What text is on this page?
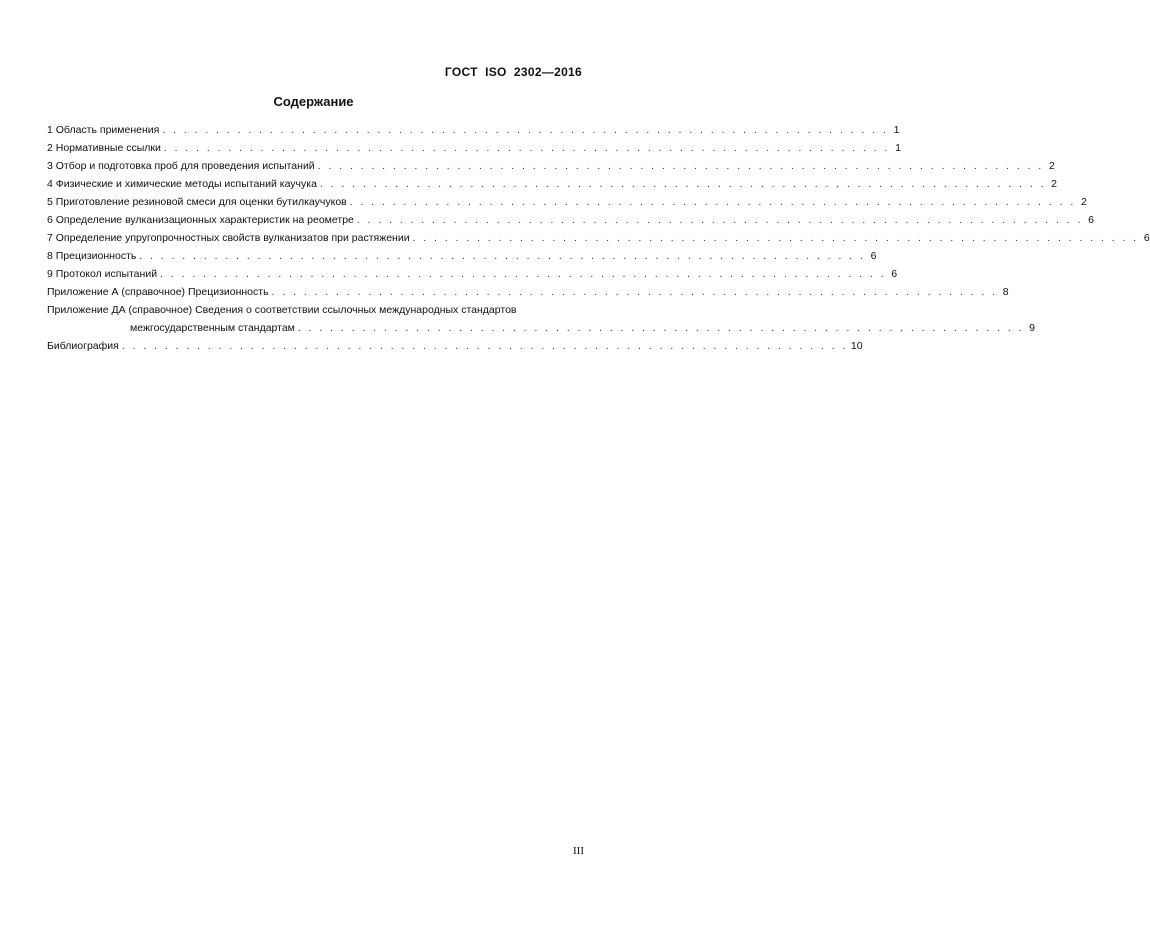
ГОСТ  ISO  2302—2016
Содержание
1 Область применения . . . . . . . . . . . . . . . . . . . . . . . . . . . . . . . . . . . . . . . . . . . . . . . . . . . . . . . . . . . . . . . . . . . . 1
2 Нормативные ссылки . . . . . . . . . . . . . . . . . . . . . . . . . . . . . . . . . . . . . . . . . . . . . . . . . . . . . . . . . . . . . . . . . . . . 1
3 Отбор и подготовка проб для проведения испытаний . . . . . . . . . . . . . . . . . . . . . . . . . . . . . . . . . . . . . . . . . . . . . . . . . . . . . . . . . . . . . . . . . . . . 2
4 Физические и химические методы испытаний каучука . . . . . . . . . . . . . . . . . . . . . . . . . . . . . . . . . . . . . . . . . . . . . . . . . . . . . . . . . . . . . . . . . . . . 2
5 Приготовление резиновой смеси для оценки бутилкаучуков . . . . . . . . . . . . . . . . . . . . . . . . . . . . . . . . . . . . . . . . . . . . . . . . . . . . . . . . . . . . . . . . . . . . 2
6 Определение вулканизационных характеристик на реометре . . . . . . . . . . . . . . . . . . . . . . . . . . . . . . . . . . . . . . . . . . . . . . . . . . . . . . . . . . . . . . . . . . . . 6
7 Определение упругопрочностных свойств вулканизатов при растяжении . . . . . . . . . . . . . . . . . . . . . . . . . . . . . . . . . . . . . . . . . . . . . . . . . . . . . . . . . . . . . . . . . . . . 6
8 Прецизионность . . . . . . . . . . . . . . . . . . . . . . . . . . . . . . . . . . . . . . . . . . . . . . . . . . . . . . . . . . . . . . . . . . . . 6
9 Протокол испытаний . . . . . . . . . . . . . . . . . . . . . . . . . . . . . . . . . . . . . . . . . . . . . . . . . . . . . . . . . . . . . . . . . . . . 6
Приложение А (справочное) Прецизионность . . . . . . . . . . . . . . . . . . . . . . . . . . . . . . . . . . . . . . . . . . . . . . . . . . . . . . . . . . . . . . . . . . . . 8
Приложение ДА (справочное) Сведения о соответствии ссылочных международных стандартов
межгосударственным стандартам . . . . . . . . . . . . . . . . . . . . . . . . . . . . . . . . . . . . . . . . . . . . . . . . . . . . . . . . . . . . . . . . . . . . 9
Библиография . . . . . . . . . . . . . . . . . . . . . . . . . . . . . . . . . . . . . . . . . . . . . . . . . . . . . . . . . . . . . . . . . . . . 10
III
